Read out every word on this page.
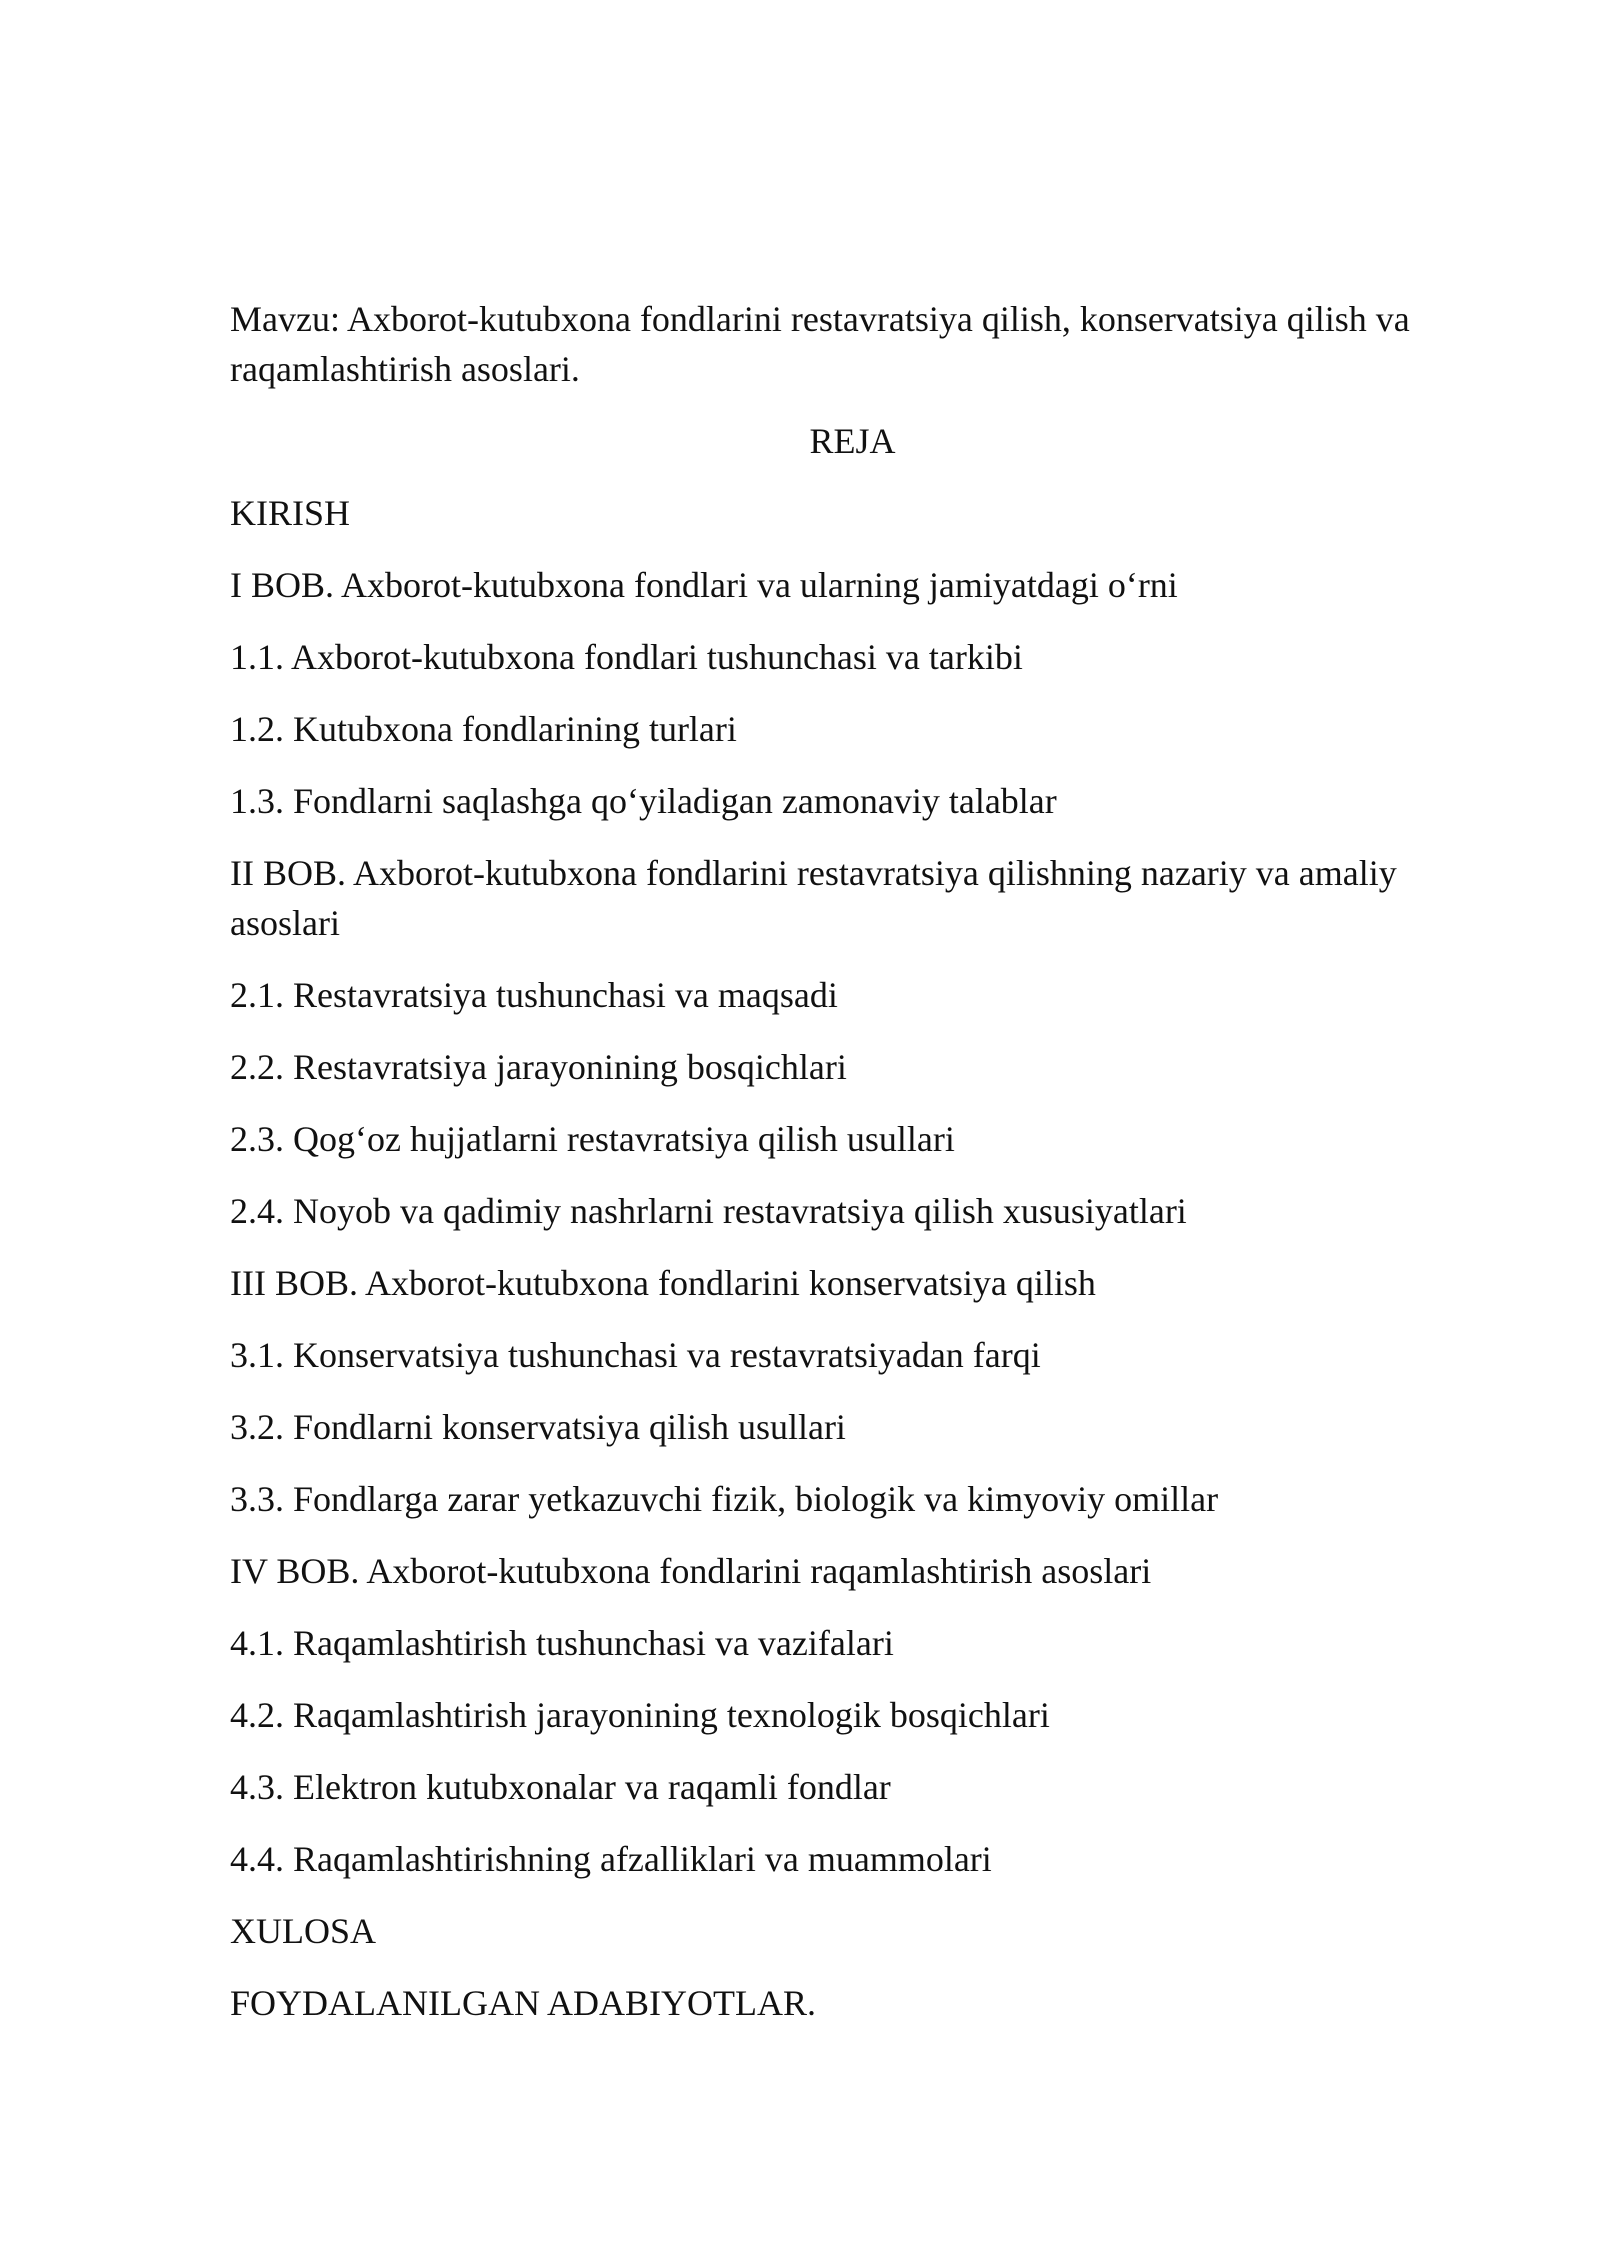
Mavzu: Axborot-kutubxona fondlarini restavratsiya qilish, konservatsiya qilish va raqamlashtirish asoslari.

REJA
KIRISH
I BOB. Axborot-kutubxona fondlari va ularning jamiyatdagi o‘rni
1.1. Axborot-kutubxona fondlari tushunchasi va tarkibi
1.2. Kutubxona fondlarining turlari
1.3. Fondlarni saqlashga qo‘yiladigan zamonaviy talablar
II BOB. Axborot-kutubxona fondlarini restavratsiya qilishning nazariy va amaliy asoslari
2.1. Restavratsiya tushunchasi va maqsadi
2.2. Restavratsiya jarayonining bosqichlari
2.3. Qog‘oz hujjatlarni restavratsiya qilish usullari
2.4. Noyob va qadimiy nashrlarni restavratsiya qilish xususiyatlari
III BOB. Axborot-kutubxona fondlarini konservatsiya qilish
3.1. Konservatsiya tushunchasi va restavratsiyadan farqi
3.2. Fondlarni konservatsiya qilish usullari
3.3. Fondlarga zarar yetkazuvchi fizik, biologik va kimyoviy omillar
IV BOB. Axborot-kutubxona fondlarini raqamlashtirish asoslari
4.1. Raqamlashtirish tushunchasi va vazifalari
4.2. Raqamlashtirish jarayonining texnologik bosqichlari
4.3. Elektron kutubxonalar va raqamli fondlar
4.4. Raqamlashtirishning afzalliklari va muammolari
XULOSA
FOYDALANILGAN ADABIYOTLAR.
